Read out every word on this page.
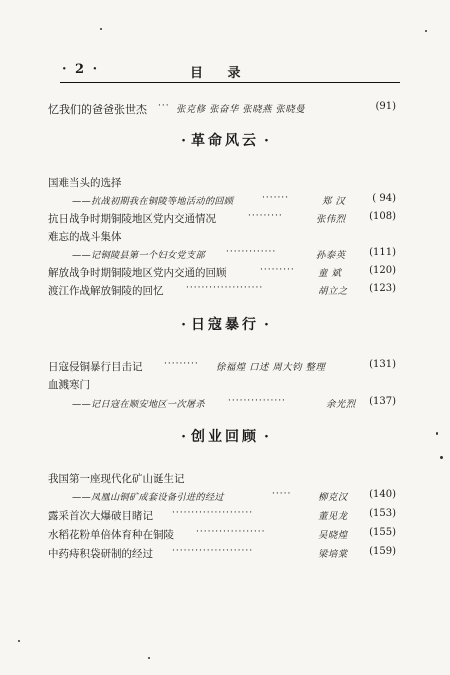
· 2 ·	目 录
忆我们的爸爸张世杰 ··· 张克修 张奋华 张晓燕 张晓曼	(91)
· 革命风云 ·
国难当头的选择
——抗战初期我在铜陵等地活动的回顾	·······	郑 汉	( 94)
抗日战争时期铜陵地区党内交通情况	·········	张伟烈 (108)
难忘的战斗集体
——记铜陵县第一个妇女党支部 ·············	孙泰英 (111)
解放战争时期铜陵地区党内交通的回顾	········· 童 斌	(120)
渡江作战解放铜陵的回忆	····················	胡立之 (123)
· 日寇暴行 ·
日寇侵铜暴行目击记 ········· 徐福煌 口述 周大钧 整理	(131)
血溅寒门
——记日寇在顺安地区一次屠杀	···············	余光烈 (137)
· 创业回顾 ·
我国第一座现代化矿山诞生记
——凤凰山铜矿成套设备引进的经过	·····	柳克汉 (140)
露采首次大爆破目睹记 ·····················	董见龙 (153)
水稻花粉单倍体育种在铜陵 ··················	吴晓煌 (155)
中药痔积袋研制的经过 ·····················	梁培棠 (159)
